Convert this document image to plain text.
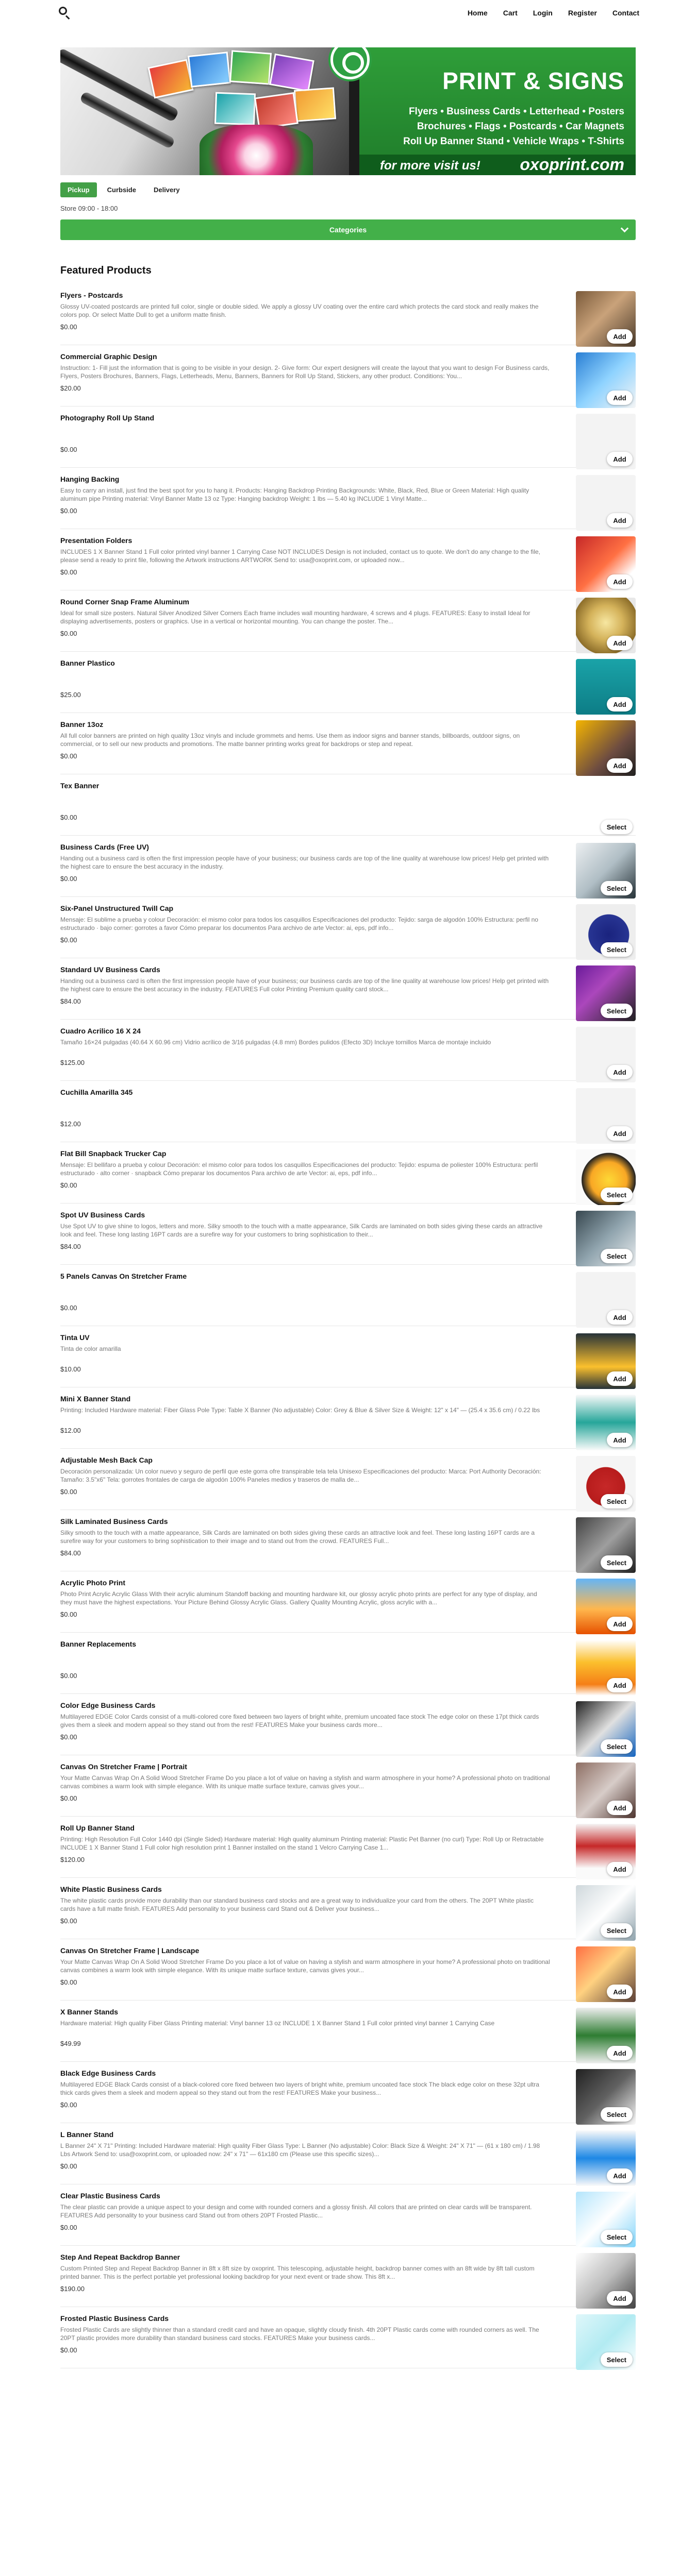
Home Cart Login Register Contact
PRINT & SIGNS
Flyers • Business Cards • Letterhead • Posters
Brochures • Flags • Postcards • Car Magnets
Roll Up Banner Stand • Vehicle Wraps • T-Shirts
for more visit us! oxoprint.com
Pickup	Curbside	Delivery
Store 09:00 - 18:00
Categories
Featured Products
Flyers - Postcards
Glossy UV-coated postcards are printed full color, single or double sided. We apply a glossy UV coating over the entire card which protects the card stock and really makes the colors pop. Or select Matte Dull to get a uniform matte finish.
$0.00
Add
Commercial Graphic Design
Instruction: 1- Fill just the information that is going to be visible in your design. 2- Give form: Our expert designers will create the layout that you want to design For Business cards, Flyers, Posters Brochures, Banners, Flags, Letterheads, Menu, Banners, Banners for Roll Up Stand, Stickers, any other product. Conditions: You...
$20.00
Add
Photography Roll Up Stand
$0.00
Add
Hanging Backing
Easy to carry an install, just find the best spot for you to hang it. Products: Hanging Backdrop Printing Backgrounds: White, Black, Red, Blue or Green Material: High quality aluminum pipe Printing material: Vinyl Banner Matte 13 oz Type: Hanging backdrop Weight: 1 lbs — 5.40 kg INCLUDE 1 Vinyl Matte...
$0.00
Add
Presentation Folders
INCLUDES 1 X Banner Stand 1 Full color printed vinyl banner 1 Carrying Case NOT INCLUDES Design is not included, contact us to quote. We don't do any change to the file, please send a ready to print file, following the Artwork instructions ARTWORK Send to: usa@oxoprint.com, or uploaded now...
$0.00
Add
Round Corner Snap Frame Aluminum
Ideal for small size posters. Natural Silver Anodized Silver Corners Each frame includes wall mounting hardware, 4 screws and 4 plugs. FEATURES: Easy to install Ideal for displaying advertisements, posters or graphics. Use in a vertical or horizontal mounting. You can change the poster. The...
$0.00
Add
Banner Plastico
$25.00
Add
Banner 13oz
All full color banners are printed on high quality 13oz vinyls and include grommets and hems. Use them as indoor signs and banner stands, billboards, outdoor signs, on commercial, or to sell our new products and promotions. The matte banner printing works great for backdrops or step and repeat.
$0.00
Add
Tex Banner
$0.00
Select
Business Cards (Free UV)
Handing out a business card is often the first impression people have of your business; our business cards are top of the line quality at warehouse low prices! Help get printed with the highest care to ensure the best accuracy in the industry.
$0.00
Select
Six-Panel Unstructured Twill Cap
Mensaje: El sublime a prueba y colour Decoración: el mismo color para todos los casquillos Especificaciones del producto: Tejido: sarga de algodón 100% Estructura: perfil no estructurado · bajo corner: gorrotes a favor Cómo preparar los documentos Para archivo de arte Vector: ai, eps, pdf info...
$0.00
Select
Standard UV Business Cards
Handing out a business card is often the first impression people have of your business; our business cards are top of the line quality at warehouse low prices! Help get printed with the highest care to ensure the best accuracy in the industry. FEATURES Full color Printing Premium quality card stock...
$84.00
Select
Cuadro Acrilico 16 X 24
Tamaño 16×24 pulgadas (40.64 X 60.96 cm) Vidrio acrílico de 3/16 pulgadas (4.8 mm) Bordes pulidos (Efecto 3D) Incluye tornillos Marca de montaje incluido
$125.00
Add
Cuchilla Amarilla 345
$12.00
Add
Flat Bill Snapback Trucker Cap
Mensaje: El bellifaro a prueba y colour Decoración: el mismo color para todos los casquillos Especificaciones del producto: Tejido: espuma de poliester 100% Estructura: perfil estructurado · alto corner · snapback Cómo preparar los documentos Para archivo de arte Vector: ai, eps, pdf info...
$0.00
Select
Spot UV Business Cards
Use Spot UV to give shine to logos, letters and more. Silky smooth to the touch with a matte appearance, Silk Cards are laminated on both sides giving these cards an attractive look and feel. These long lasting 16PT cards are a surefire way for your customers to bring sophistication to their...
$84.00
Select
5 Panels Canvas On Stretcher Frame
$0.00
Add
Tinta UV
Tinta de color amarilla
$10.00
Add
Mini X Banner Stand
Printing: Included Hardware material: Fiber Glass Pole Type: Table X Banner (No adjustable) Color: Grey & Blue & Silver Size & Weight: 12" x 14" — (25.4 x 35.6 cm) / 0.22 lbs
$12.00
Add
Adjustable Mesh Back Cap
Decoración personalizada: Un color nuevo y seguro de perfil que este gorra ofre transpirable tela tela Unisexo Especificaciones del producto: Marca: Port Authority Decoración: Tamaño: 3.5"x6" Tela: gorrotes frontales de carga de algodón 100% Paneles medios y traseros de malla de...
$0.00
Select
Silk Laminated Business Cards
Silky smooth to the touch with a matte appearance, Silk Cards are laminated on both sides giving these cards an attractive look and feel. These long lasting 16PT cards are a surefire way for your customers to bring sophistication to their image and to stand out from the crowd. FEATURES Full...
$84.00
Select
Acrylic Photo Print
Photo Print Acrylic Acrylic Glass With their acrylic aluminum Standoff backing and mounting hardware kit, our glossy acrylic photo prints are perfect for any type of display, and they must have the highest expectations. Your Picture Behind Glossy Acrylic Glass. Gallery Quality Mounting Acrylic, gloss acrylic with a...
$0.00
Add
Banner Replacements
$0.00
Add
Color Edge Business Cards
Multilayered EDGE Color Cards consist of a multi-colored core fixed between two layers of bright white, premium uncoated face stock The edge color on these 17pt thick cards gives them a sleek and modern appeal so they stand out from the rest! FEATURES Make your business cards more...
$0.00
Select
Canvas On Stretcher Frame | Portrait
Your Matte Canvas Wrap On A Solid Wood Stretcher Frame Do you place a lot of value on having a stylish and warm atmosphere in your home? A professional photo on traditional canvas combines a warm look with simple elegance. With its unique matte surface texture, canvas gives your...
$0.00
Add
Roll Up Banner Stand
Printing: High Resolution Full Color 1440 dpi (Single Sided) Hardware material: High quality aluminum Printing material: Plastic Pet Banner (no curl) Type: Roll Up or Retractable INCLUDE 1 X Banner Stand 1 Full color high resolution print 1 Banner installed on the stand 1 Velcro Carrying Case 1...
$120.00
Add
White Plastic Business Cards
The white plastic cards provide more durability than our standard business card stocks and are a great way to individualize your card from the others. The 20PT White plastic cards have a full matte finish. FEATURES Add personality to your business card Stand out & Deliver your business...
$0.00
Select
Canvas On Stretcher Frame | Landscape
Your Matte Canvas Wrap On A Solid Wood Stretcher Frame Do you place a lot of value on having a stylish and warm atmosphere in your home? A professional photo on traditional canvas combines a warm look with simple elegance. With its unique matte surface texture, canvas gives your...
$0.00
Add
X Banner Stands
Hardware material: High quality Fiber Glass Printing material: Vinyl banner 13 oz INCLUDE 1 X Banner Stand 1 Full color printed vinyl banner 1 Carrying Case
$49.99
Add
Black Edge Business Cards
Multilayered EDGE Black Cards consist of a black-colored core fixed between two layers of bright white, premium uncoated face stock The black edge color on these 32pt ultra thick cards gives them a sleek and modern appeal so they stand out from the rest! FEATURES Make your business...
$0.00
Select
L Banner Stand
L Banner 24" X 71" Printing: Included Hardware material: High quality Fiber Glass Type: L Banner (No adjustable) Color: Black Size & Weight: 24" X 71" — (61 x 180 cm) / 1.98 Lbs Artwork Send to: usa@oxoprint.com, or uploaded now: 24" x 71" — 61x180 cm (Please use this specific sizes)...
$0.00
Add
Clear Plastic Business Cards
The clear plastic can provide a unique aspect to your design and come with rounded corners and a glossy finish. All colors that are printed on clear cards will be transparent. FEATURES Add personality to your business card Stand out from others 20PT Frosted Plastic...
$0.00
Select
Step And Repeat Backdrop Banner
Custom Printed Step and Repeat Backdrop Banner in 8ft x 8ft size by oxoprint. This telescoping, adjustable height, backdrop banner comes with an 8ft wide by 8ft tall custom printed banner. This is the perfect portable yet professional looking backdrop for your next event or trade show. This 8ft x...
$190.00
Add
Frosted Plastic Business Cards
Frosted Plastic Cards are slightly thinner than a standard credit card and have an opaque, slightly cloudy finish. 4th 20PT Plastic cards come with rounded corners as well. The 20PT plastic provides more durability than standard business card stocks. FEATURES Make your business cards...
$0.00
Select
